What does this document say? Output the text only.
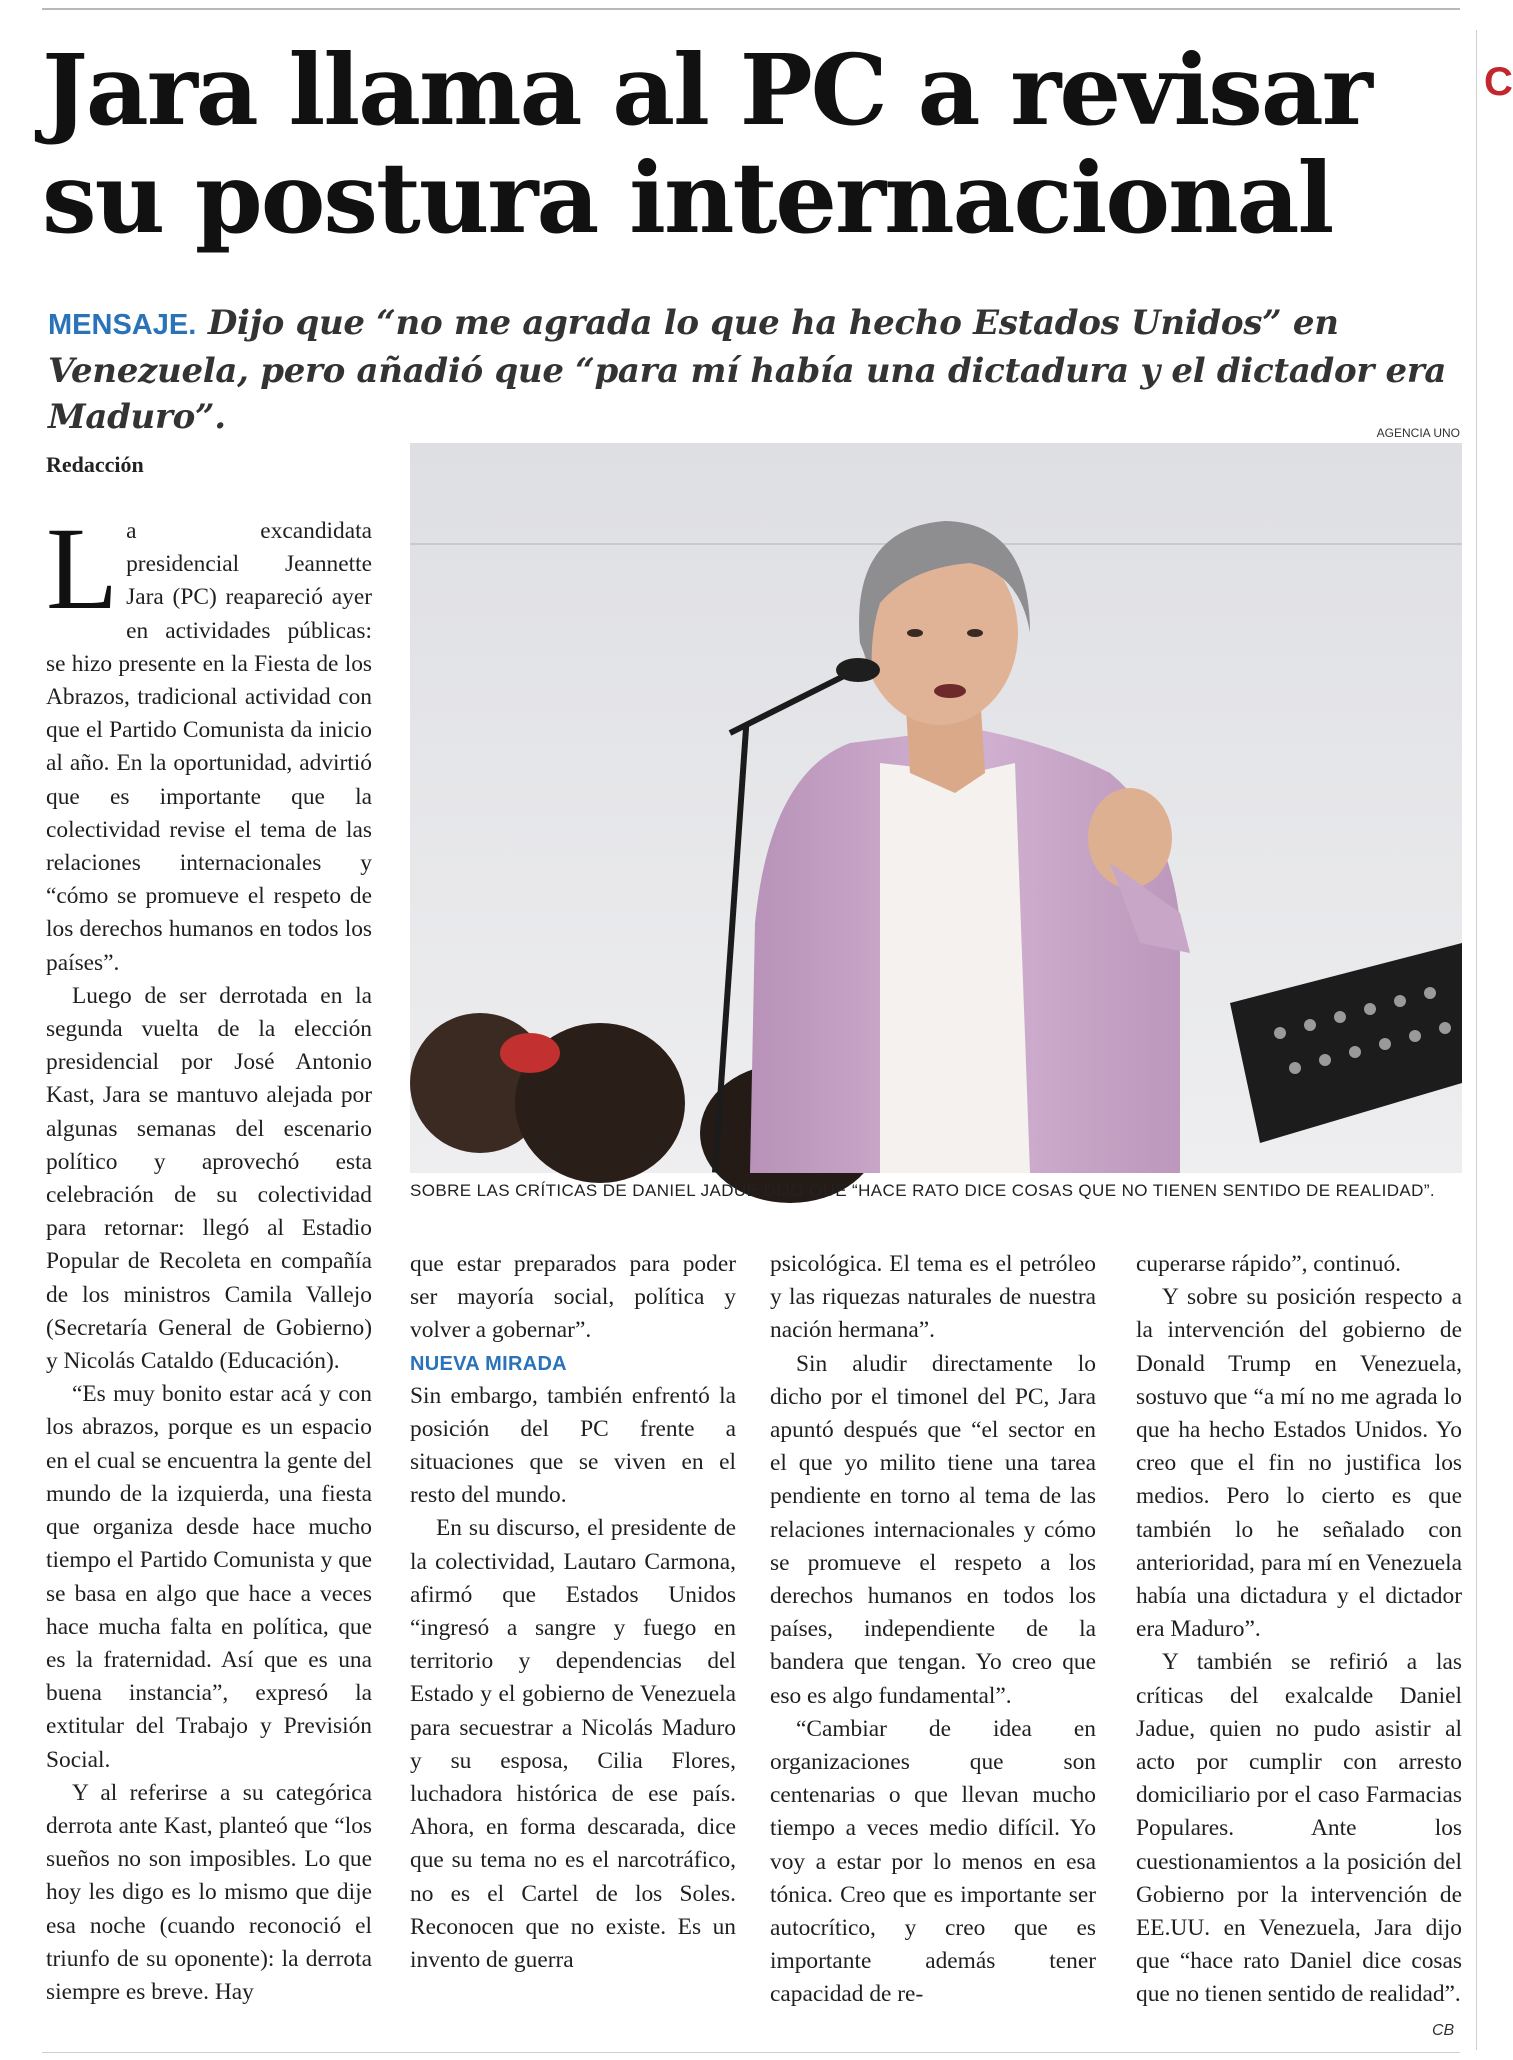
C
Jara llama al PC a revisar
su postura internacional

MENSAJE. Dijo que “no me agrada lo que ha hecho Estados Unidos” en Venezuela, pero añadió que “para mí había una dictadura y el dictador era Maduro”.	AGENCIA UNO

SOBRE LAS CRÍTICAS DE DANIEL JADUE DIJO QUE “HACE RATO DICE COSAS QUE NO TIENEN SENTIDO DE REALIDAD”.

Redacción

La excandidata presidencial Jeannette Jara (PC) reapareció ayer en actividades públicas: se hizo presente en la Fiesta de los Abrazos, tradicional actividad con que el Partido Comunista da inicio al año. En la oportunidad, advirtió que es importante que la colectividad revise el tema de las relaciones internacionales y “cómo se promueve el respeto de los derechos humanos en todos los países”.

Luego de ser derrotada en la segunda vuelta de la elección presidencial por José Antonio Kast, Jara se mantuvo alejada por algunas semanas del escenario político y aprovechó esta celebración de su colectividad para retornar: llegó al Estadio Popular de Recoleta en compañía de los ministros Camila Vallejo (Secretaría General de Gobierno) y Nicolás Cataldo (Educación).

“Es muy bonito estar acá y con los abrazos, porque es un espacio en el cual se encuentra la gente del mundo de la izquierda, una fiesta que organiza desde hace mucho tiempo el Partido Comunista y que se basa en algo que hace a veces hace mucha falta en política, que es la fraternidad. Así que es una buena instancia”, expresó la extitular del Trabajo y Previsión Social.

Y al referirse a su categórica derrota ante Kast, planteó que “los sueños no son imposibles. Lo que hoy les digo es lo mismo que dije esa noche (cuando reconoció el triunfo de su oponente): la derrota siempre es breve. Hay

que estar preparados para poder ser mayoría social, política y volver a gobernar”.

NUEVA MIRADA

Sin embargo, también enfrentó la posición del PC frente a situaciones que se viven en el resto del mundo.

En su discurso, el presidente de la colectividad, Lautaro Carmona, afirmó que Estados Unidos “ingresó a sangre y fuego en territorio y dependencias del Estado y el gobierno de Venezuela para secuestrar a Nicolás Maduro y su esposa, Cilia Flores, luchadora histórica de ese país. Ahora, en forma descarada, dice que su tema no es el narcotráfico, no es el Cartel de los Soles. Reconocen que no existe. Es un invento de guerra

psicológica. El tema es el petróleo y las riquezas naturales de nuestra nación hermana”.

Sin aludir directamente lo dicho por el timonel del PC, Jara apuntó después que “el sector en el que yo milito tiene una tarea pendiente en torno al tema de las relaciones internacionales y cómo se promueve el respeto a los derechos humanos en todos los países, independiente de la bandera que tengan. Yo creo que eso es algo fundamental”.

“Cambiar de idea en organizaciones que son centenarias o que llevan mucho tiempo a veces medio difícil. Yo voy a estar por lo menos en esa tónica. Creo que es importante ser autocrítico, y creo que es importante además tener capacidad de re-

cuperarse rápido”, continuó.

Y sobre su posición respecto a la intervención del gobierno de Donald Trump en Venezuela, sostuvo que “a mí no me agrada lo que ha hecho Estados Unidos. Yo creo que el fin no justifica los medios. Pero lo cierto es que también lo he señalado con anterioridad, para mí en Venezuela había una dictadura y el dictador era Maduro”.

Y también se refirió a las críticas del exalcalde Daniel Jadue, quien no pudo asistir al acto por cumplir con arresto domiciliario por el caso Farmacias Populares. Ante los cuestionamientos a la posición del Gobierno por la intervención de EE.UU. en Venezuela, Jara dijo que “hace rato Daniel dice cosas que no tienen sentido de realidad”.

CB
